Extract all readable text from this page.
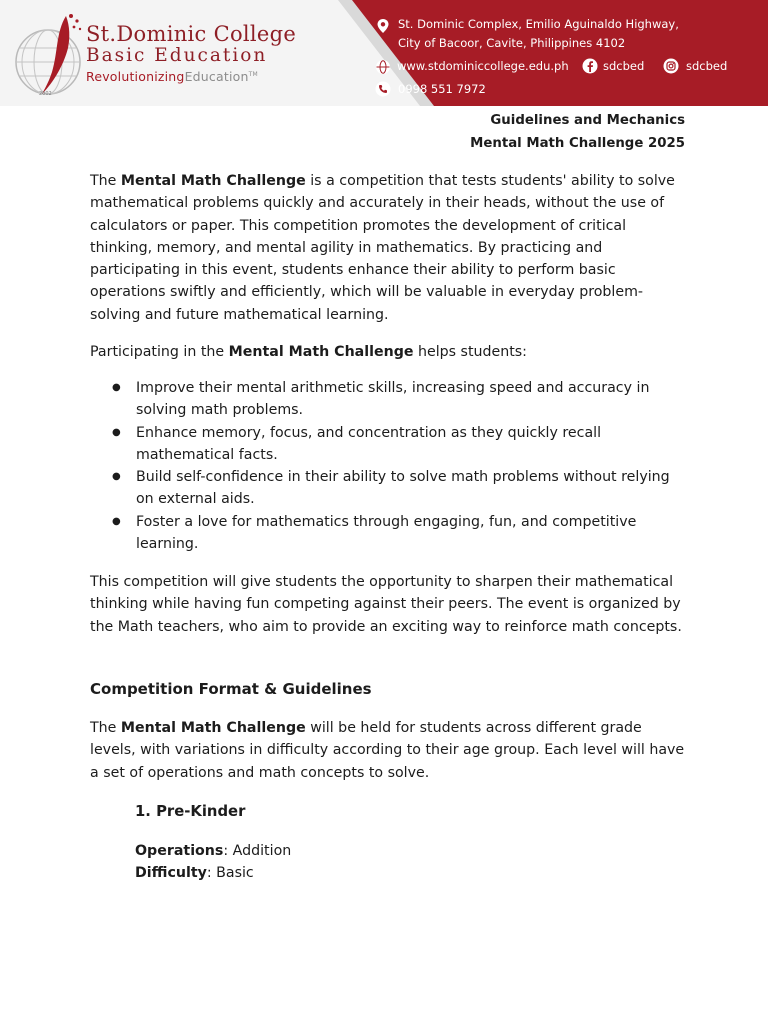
2002
St.Dominic College
Basic Education
RevolutionizingEducation™
St. Dominic Complex, Emilio Aguinaldo Highway,
City of Bacoor, Cavite, Philippines 4102
www.stdominiccollege.edu.ph	sdcbed	sdcbed
0998 551 7972
Guidelines and Mechanics
Mental Math Challenge 2025

The Mental Math Challenge is a competition that tests students' ability to solve mathematical problems quickly and accurately in their heads, without the use of calculators or paper. This competition promotes the development of critical thinking, memory, and mental agility in mathematics. By practicing and participating in this event, students enhance their ability to perform basic operations swiftly and efficiently, which will be valuable in everyday problem-solving and future mathematical learning.

Participating in the Mental Math Challenge helps students:

● Improve their mental arithmetic skills, increasing speed and accuracy in solving math problems.
● Enhance memory, focus, and concentration as they quickly recall mathematical facts.
● Build self-confidence in their ability to solve math problems without relying on external aids.
● Foster a love for mathematics through engaging, fun, and competitive learning.

This competition will give students the opportunity to sharpen their mathematical thinking while having fun competing against their peers. The event is organized by the Math teachers, who aim to provide an exciting way to reinforce math concepts.

Competition Format & Guidelines

The Mental Math Challenge will be held for students across different grade levels, with variations in difficulty according to their age group. Each level will have a set of operations and math concepts to solve.

1. Pre-Kinder
Operations: Addition
Difficulty: Basic
